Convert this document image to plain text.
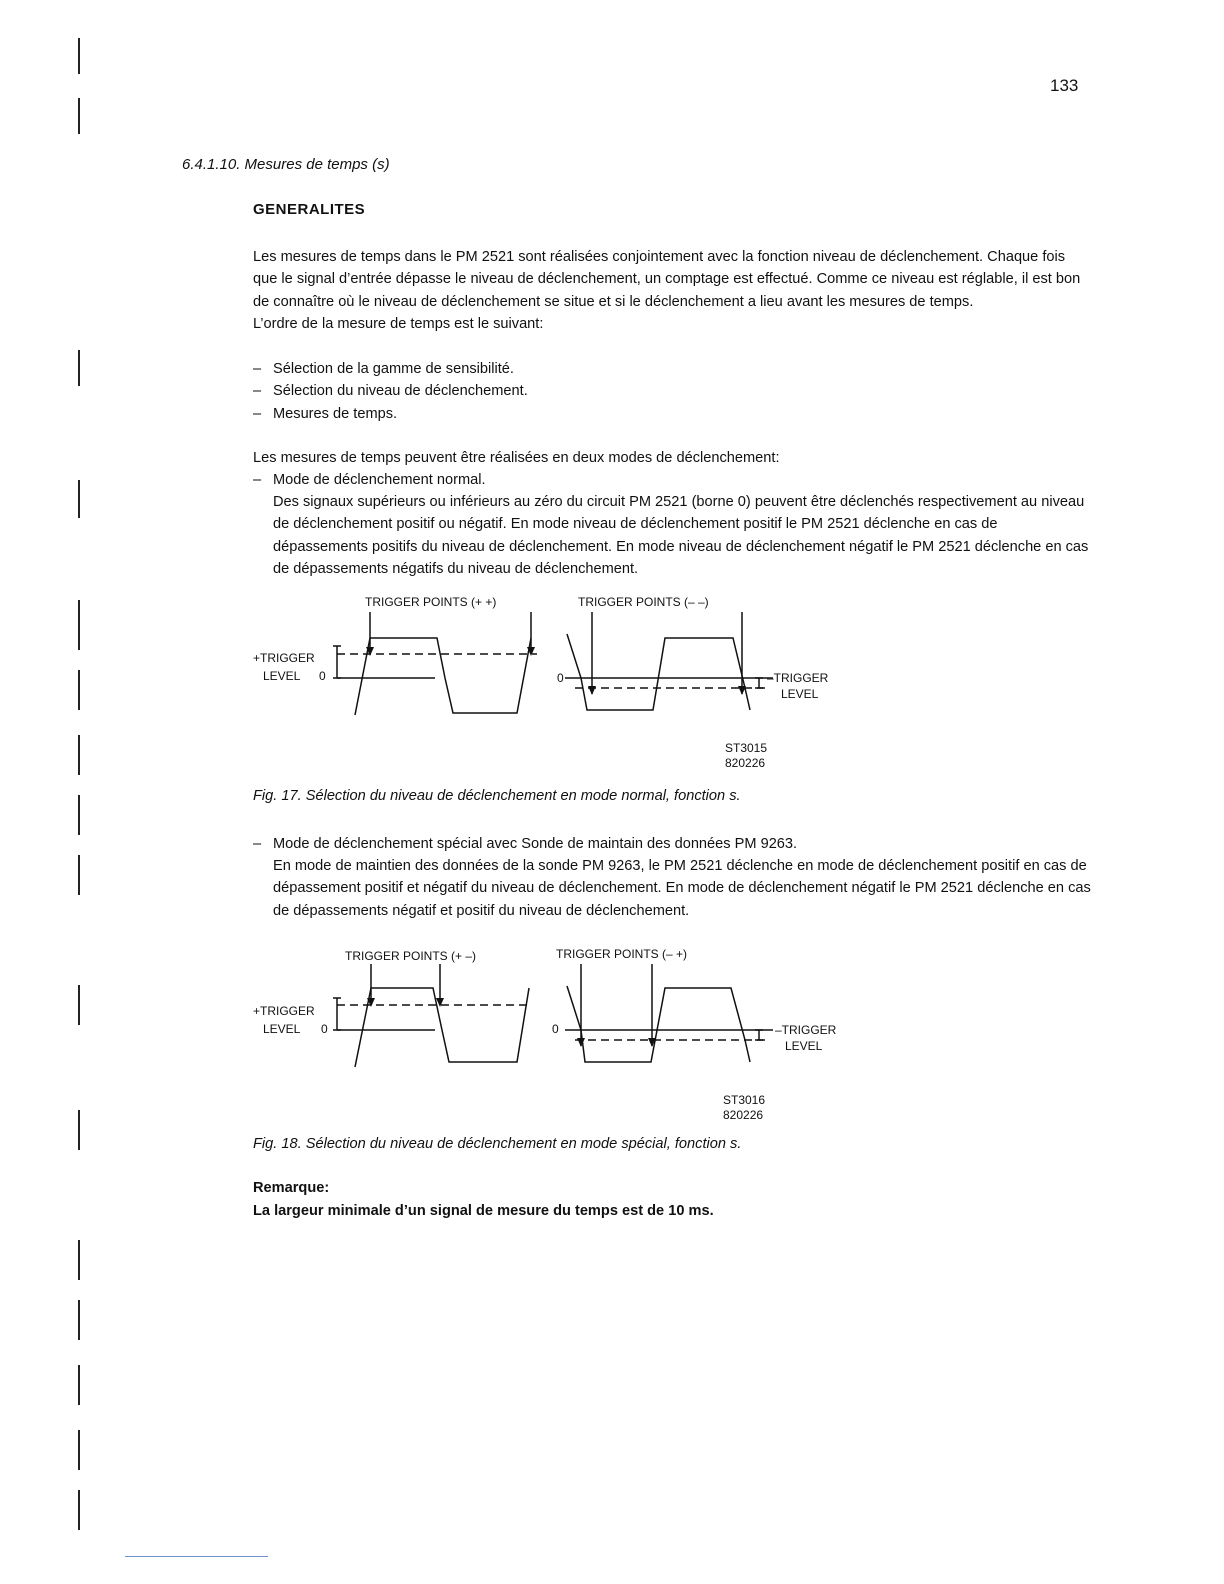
133
6.4.1.10. Mesures de temps (s)
GENERALITES

Les mesures de temps dans le PM 2521 sont réalisées conjointement avec la fonction niveau de déclenchement. Chaque fois que le signal d’entrée dépasse le niveau de déclenchement, un comptage est effectué. Comme ce niveau est réglable, il est bon de connaître où le niveau de déclenchement se situe et si le déclenchement a lieu avant les mesures de temps.
L’ordre de la mesure de temps est le suivant:

– Sélection de la gamme de sensibilité.
– Sélection du niveau de déclenchement.
– Mesures de temps.

Les mesures de temps peuvent être réalisées en deux modes de déclenchement:

– Mode de déclenchement normal.

Des signaux supérieurs ou inférieurs au zéro du circuit PM 2521 (borne 0) peuvent être déclenchés respectivement au niveau de déclenchement positif ou négatif. En mode niveau de déclenchement positif le PM 2521 déclenche en cas de dépassements positifs du niveau de déclenchement. En mode niveau de déclenchement négatif le PM 2521 déclenche en cas de dépassements négatifs du niveau de déclenchement.

TRIGGER POINTS (+ +)	TRIGGER POINTS (– –)
+TRIGGER
LEVEL 0	0	–TRIGGER
LEVEL
ST3015
820226
Fig. 17. Sélection du niveau de déclenchement en mode normal, fonction s.
– Mode de déclenchement spécial avec Sonde de maintain des données PM 9263.

En mode de maintien des données de la sonde PM 9263, le PM 2521 déclenche en mode de déclenchement positif en cas de dépassement positif et négatif du niveau de déclenchement. En mode de déclenchement négatif le PM 2521 déclenche en cas de dépassements négatif et positif du niveau de déclenchement.

TRIGGER POINTS (+ –)	TRIGGER POINTS (– +)
+TRIGGER
LEVEL 0	0	–TRIGGER
LEVEL
ST3016
820226
Fig. 18. Sélection du niveau de déclenchement en mode spécial, fonction s.
Remarque:
La largeur minimale d’un signal de mesure du temps est de 10 ms.
